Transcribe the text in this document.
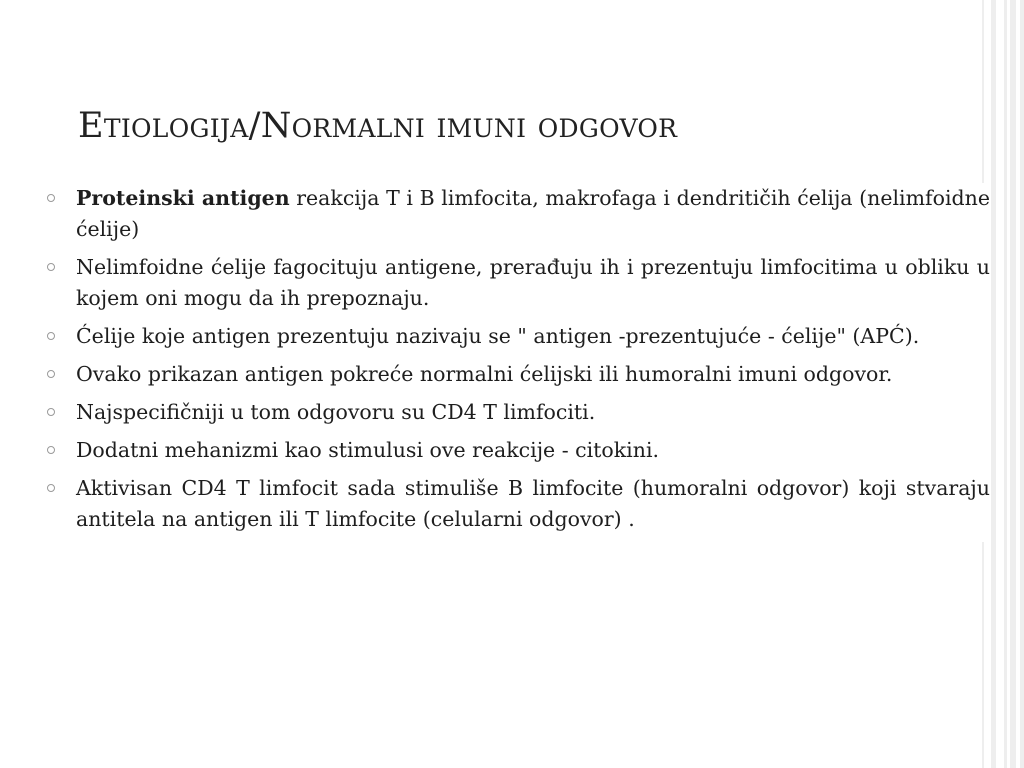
Etiologija/Normalni imuni odgovor
Proteinski antigen reakcija T i B limfocita, makrofaga i dendritičih ćelija (nelimfoidne ćelije)
Nelimfoidne ćelije fagocituju antigene, prerađuju ih i prezentuju limfocitima u obliku u kojem oni mogu da ih prepoznaju.
Ćelije koje antigen prezentuju nazivaju se " antigen -prezentujuće - ćelije" (APĆ).
Ovako prikazan antigen pokreće normalni ćelijski ili humoralni imuni odgovor.
Najspecifičniji u tom odgovoru su CD4 T limfociti.
Dodatni mehanizmi kao stimulusi ove reakcije - citokini.
Aktivisan CD4 T limfocit sada stimuliše B limfocite (humoralni odgovor) koji stvaraju antitela na antigen ili T limfocite (celularni odgovor) .
